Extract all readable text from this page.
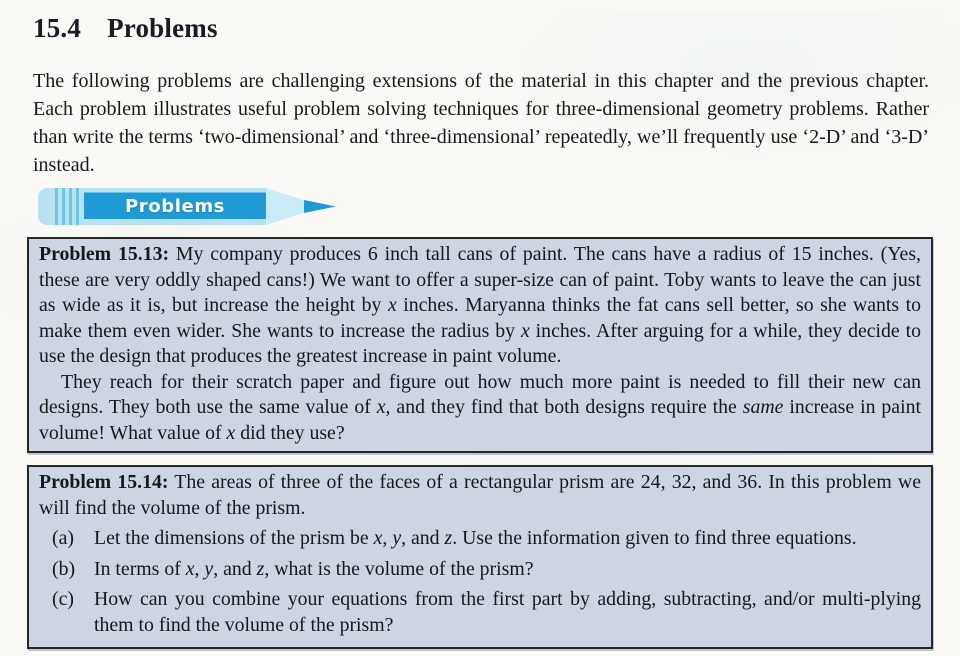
15.4 Problems

The following problems are challenging extensions of the material in this chapter and the previous chapter. Each problem illustrates useful problem solving techniques for three-dimensional geometry problems. Rather than write the terms ‘two-dimensional’ and ‘three-dimensional’ repeatedly, we’ll frequently use ‘2-D’ and ‘3-D’ instead.

Problems

Problem 15.13: My company produces 6 inch tall cans of paint. The cans have a radius of 15 inches. (Yes, these are very oddly shaped cans!) We want to offer a super-size can of paint. Toby wants to leave the can just as wide as it is, but increase the height by x inches. Maryanna thinks the fat cans sell better, so she wants to make them even wider. She wants to increase the radius by x inches. After arguing for a while, they decide to use the design that produces the greatest increase in paint volume.

They reach for their scratch paper and figure out how much more paint is needed to fill their new can designs. They both use the same value of x, and they find that both designs require the same increase in paint volume! What value of x did they use?

Problem 15.14: The areas of three of the faces of a rectangular prism are 24, 32, and 36. In this problem we will find the volume of the prism.

(a)	Let the dimensions of the prism be x, y, and z. Use the information given to find three equations.
(b) In terms of x, y, and z, what is the volume of the prism?
(c)	How can you combine your equations from the first part by adding, subtracting, and/or multi-plying them to find the volume of the prism?
